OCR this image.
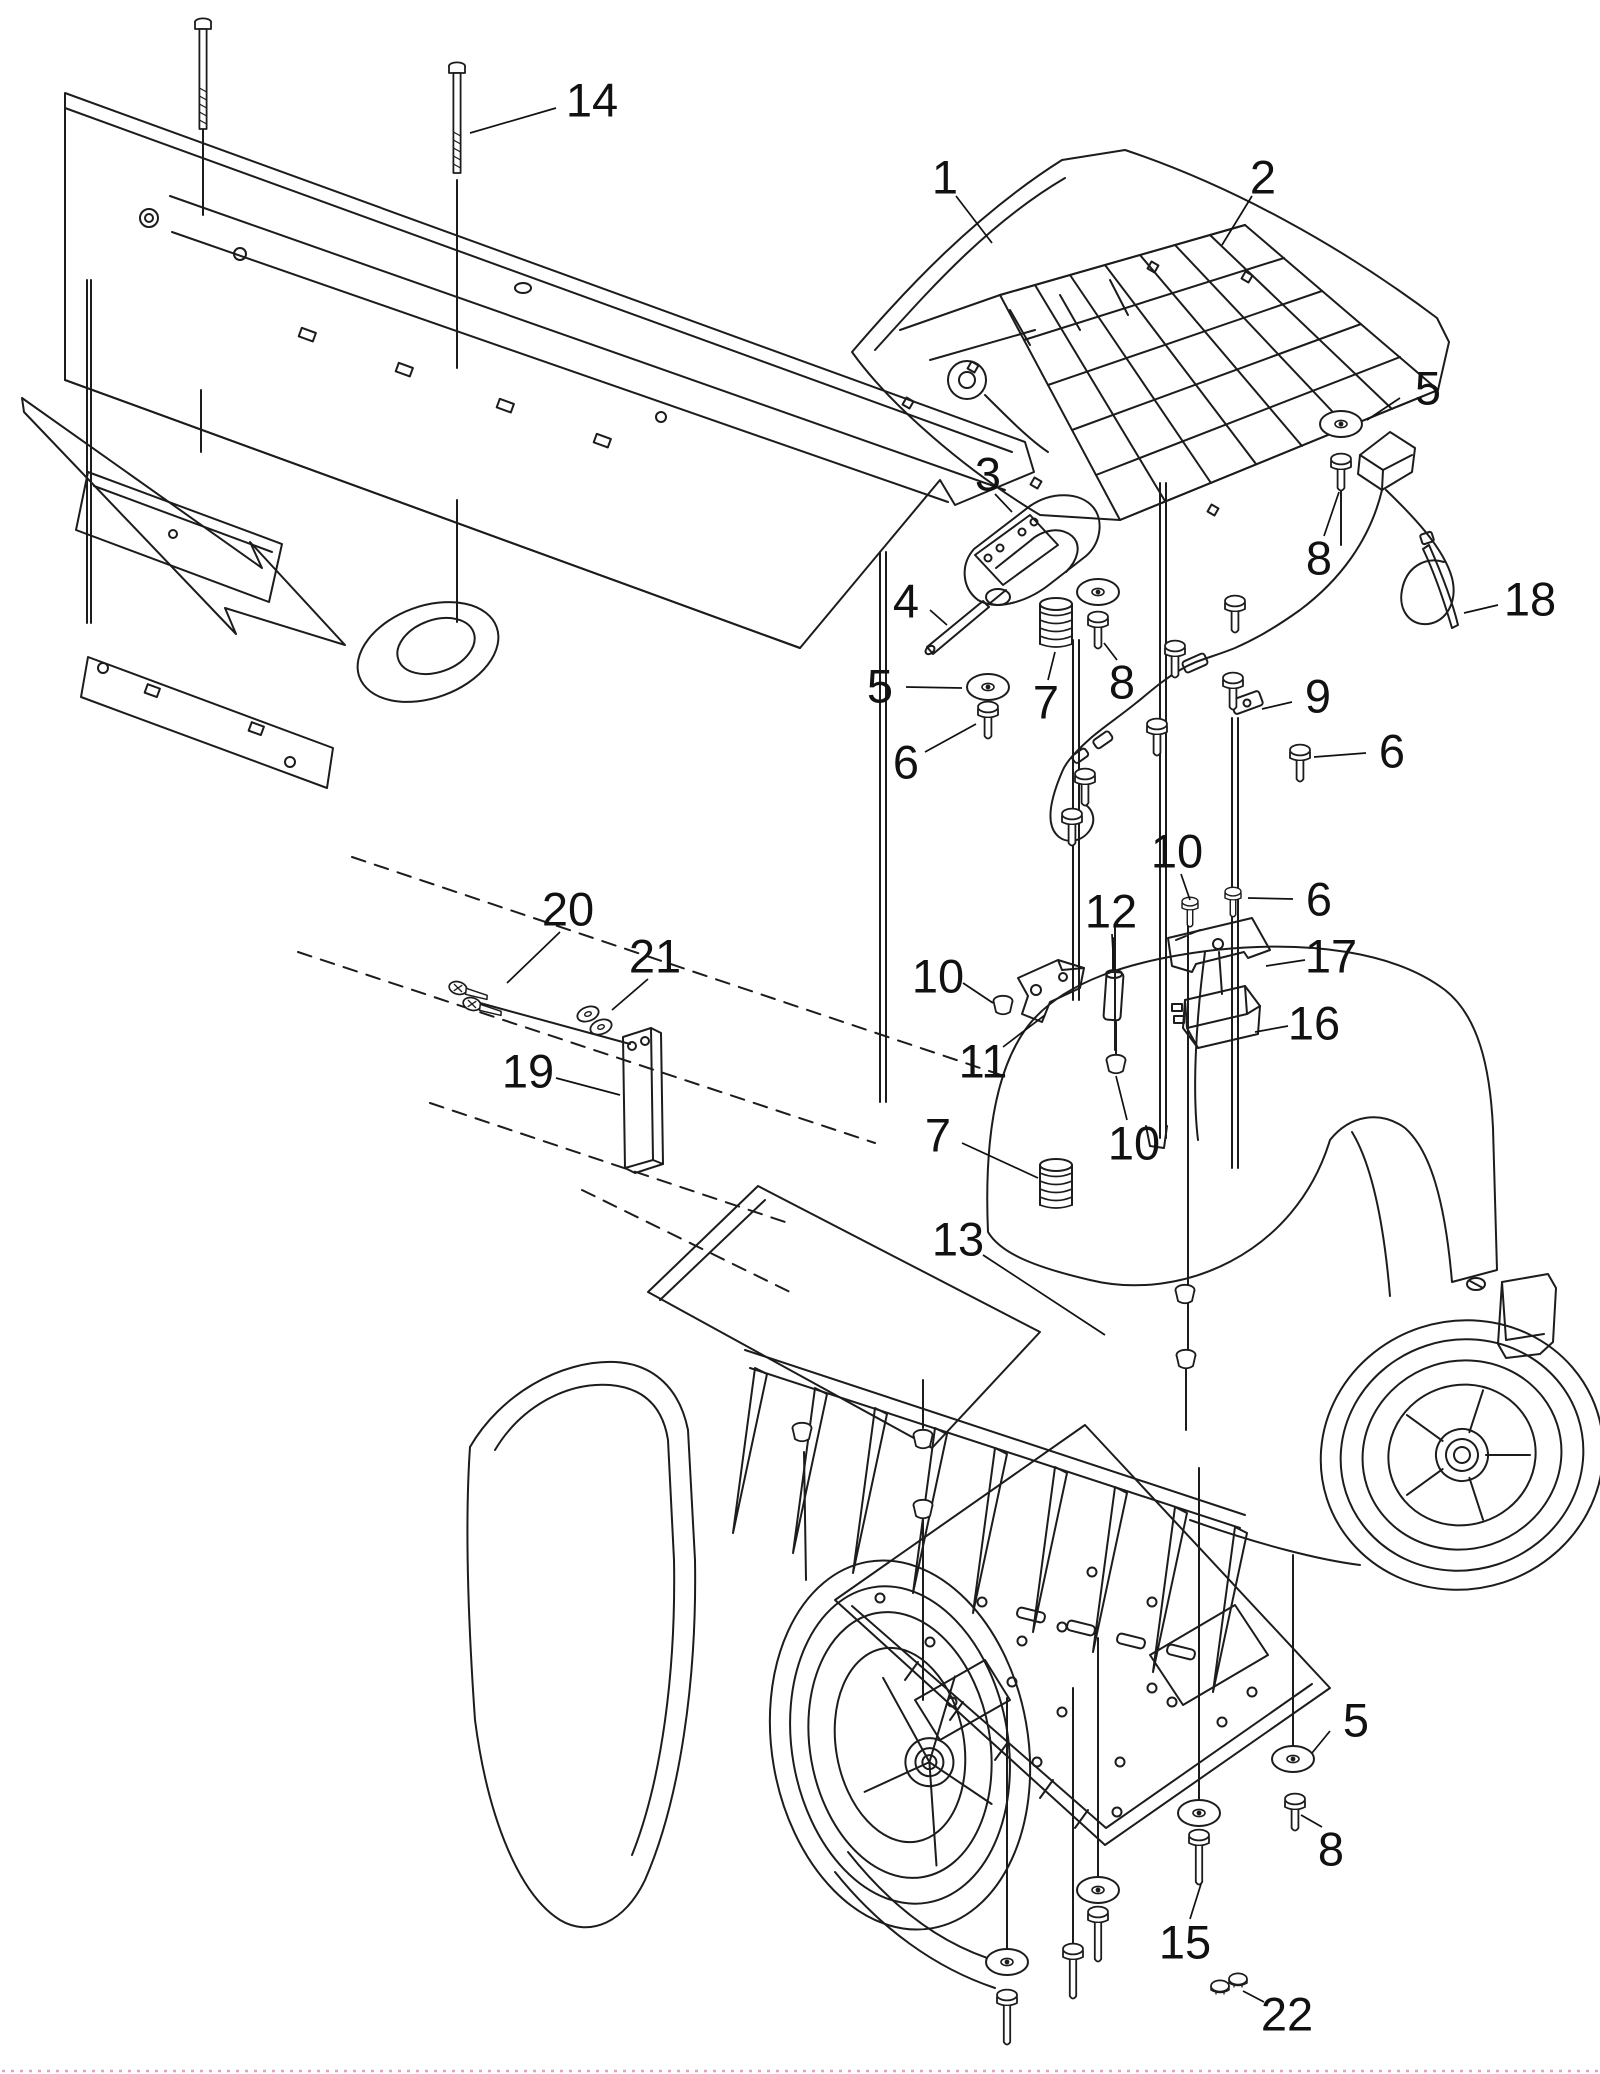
14
1	2
5
8
3
4	18
5	7 8	9
6	6
10
6
17
16
20
21	10
12
11
19
10
7
13
5
8
15
22
